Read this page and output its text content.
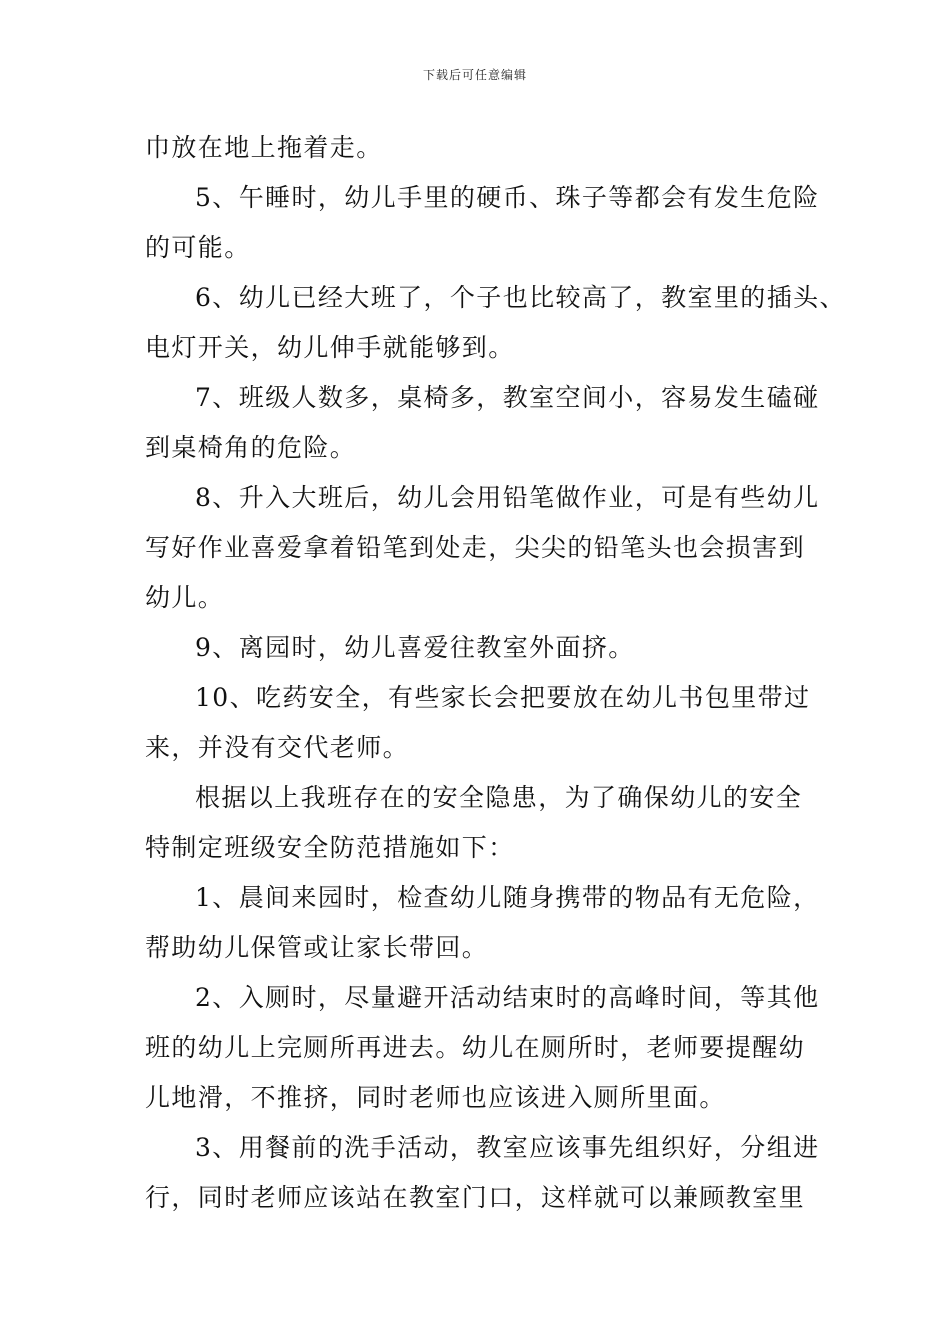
下载后可任意编辑
巾放在地上拖着走。
5、午睡时，幼儿手里的硬币、珠子等都会有发生危险
的可能。
6、幼儿已经大班了，个子也比较高了，教室里的插头、
电灯开关，幼儿伸手就能够到。
7、班级人数多，桌椅多，教室空间小，容易发生磕碰
到桌椅角的危险。
8、升入大班后，幼儿会用铅笔做作业，可是有些幼儿
写好作业喜爱拿着铅笔到处走，尖尖的铅笔头也会损害到
幼儿。
9、离园时，幼儿喜爱往教室外面挤。
10、吃药安全，有些家长会把要放在幼儿书包里带过
来，并没有交代老师。
根据以上我班存在的安全隐患，为了确保幼儿的安全
特制定班级安全防范措施如下：
1、晨间来园时，检查幼儿随身携带的物品有无危险，
帮助幼儿保管或让家长带回。
2、入厕时，尽量避开活动结束时的高峰时间，等其他
班的幼儿上完厕所再进去。幼儿在厕所时，老师要提醒幼
儿地滑，不推挤，同时老师也应该进入厕所里面。
3、用餐前的洗手活动，教室应该事先组织好，分组进
行，同时老师应该站在教室门口，这样就可以兼顾教室里
